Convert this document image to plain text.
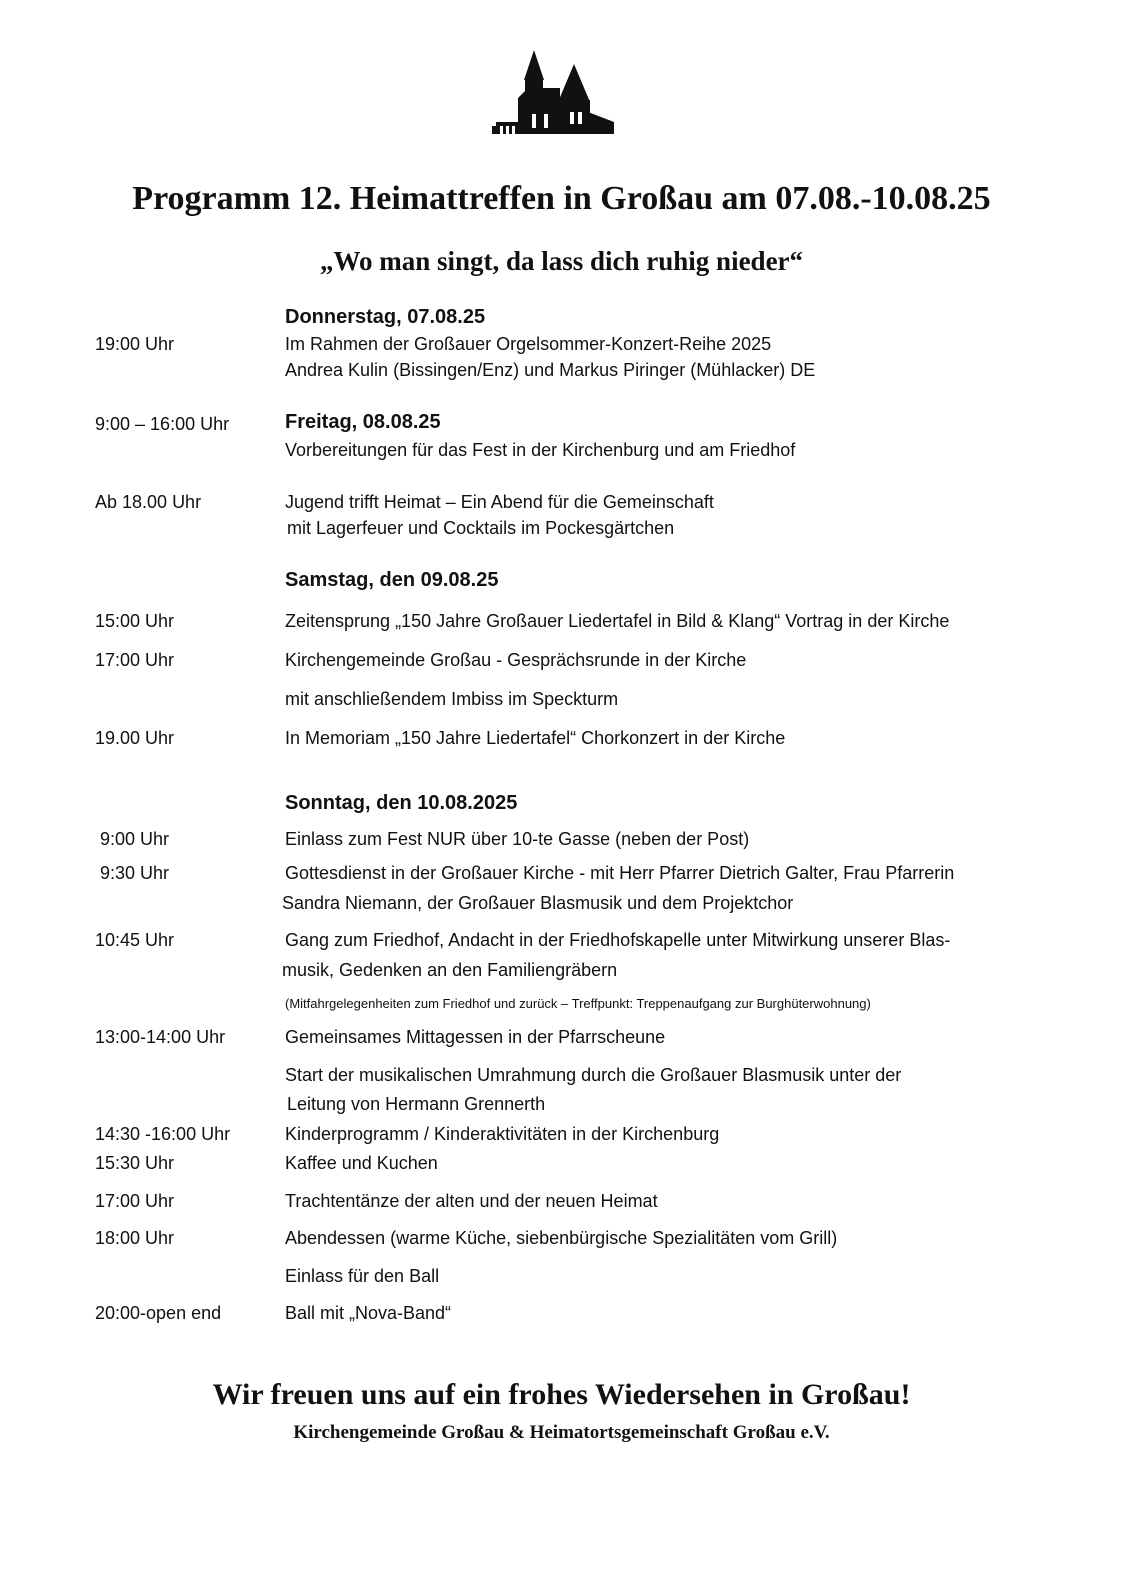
Programm 12. Heimattreffen in Großau am 07.08.-10.08.25

„Wo man singt, da lass dich ruhig nieder“

Donnerstag, 07.08.25
19:00 Uhr	Im Rahmen der Großauer Orgelsommer-Konzert-Reihe 2025
Andrea Kulin (Bissingen/Enz) und Markus Piringer (Mühlacker) DE
9:00 – 16:00 Uhr	Freitag, 08.08.25
Vorbereitungen für das Fest in der Kirchenburg und am Friedhof
Ab 18.00 Uhr	Jugend trifft Heimat – Ein Abend für die Gemeinschaft
mit Lagerfeuer und Cocktails im Pockesgärtchen
Samstag, den 09.08.25
15:00 Uhr	Zeitensprung „150 Jahre Großauer Liedertafel in Bild & Klang“ Vortrag in der Kirche
17:00 Uhr	Kirchengemeinde Großau - Gesprächsrunde in der Kirche
mit anschließendem Imbiss im Speckturm
19.00 Uhr	In Memoriam „150 Jahre Liedertafel“ Chorkonzert in der Kirche
Sonntag, den 10.08.2025
9:00 Uhr	Einlass zum Fest NUR über 10-te Gasse (neben der Post)
9:30 Uhr	Gottesdienst in der Großauer Kirche - mit Herr Pfarrer Dietrich Galter, Frau Pfarrerin
Sandra Niemann, der Großauer Blasmusik und dem Projektchor
10:45 Uhr	Gang zum Friedhof, Andacht in der Friedhofskapelle unter Mitwirkung unserer Blas-
musik, Gedenken an den Familiengräbern
(Mitfahrgelegenheiten zum Friedhof und zurück – Treffpunkt: Treppenaufgang zur Burghüterwohnung)
13:00-14:00 Uhr	Gemeinsames Mittagessen in der Pfarrscheune
Start der musikalischen Umrahmung durch die Großauer Blasmusik unter der
Leitung von Hermann Grennerth
14:30 -16:00 Uhr	Kinderprogramm / Kinderaktivitäten in der Kirchenburg
15:30 Uhr	Kaffee und Kuchen
17:00 Uhr	Trachtentänze der alten und der neuen Heimat
18:00 Uhr	Abendessen (warme Küche, siebenbürgische Spezialitäten vom Grill)
Einlass für den Ball
20:00-open end	Ball mit „Nova-Band“

Wir freuen uns auf ein frohes Wiedersehen in Großau!

Kirchengemeinde Großau & Heimatortsgemeinschaft Großau e.V.
